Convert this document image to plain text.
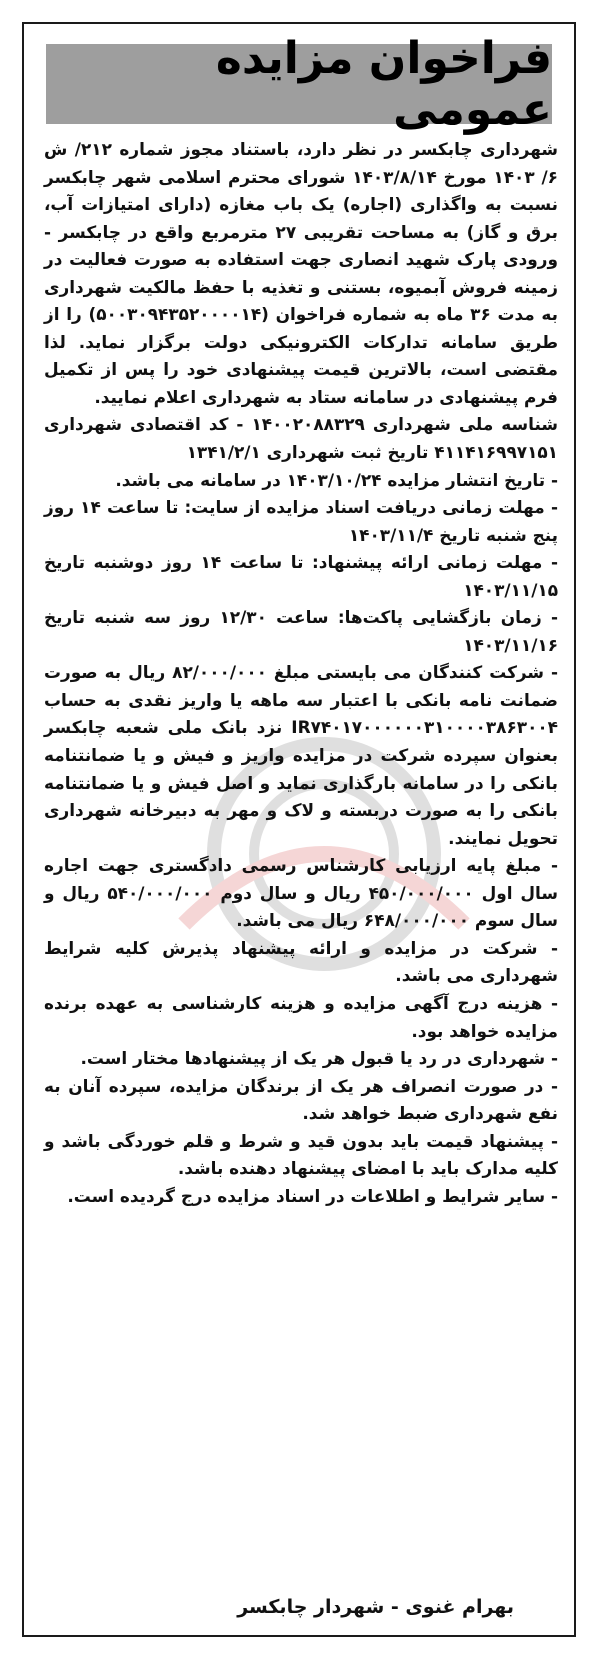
فراخوان مزایده عمومی

شهرداری چابکسر در نظر دارد، باستناد مجوز شماره ۲۱۲/ ش ۶/ ۱۴۰۳ مورخ ۱۴۰۳/۸/۱۴ شورای محترم اسلامی شهر چابکسر نسبت به واگذاری (اجاره) یک باب مغازه (دارای امتیازات آب، برق و گاز) به مساحت تقریبی ۲۷ مترمربع واقع در چابکسر - ورودی پارک شهید انصاری جهت استفاده به صورت فعالیت در زمینه فروش آبمیوه، بستنی و تغذیه با حفظ مالکیت شهرداری به مدت ۳۶ ماه به شماره فراخوان (۵۰۰۳۰۹۴۳۵۲۰۰۰۰۱۴) را از طریق سامانه تدارکات الکترونیکی دولت برگزار نماید. لذا مقتضی است، بالاترین قیمت پیشنهادی خود را پس از تکمیل فرم پیشنهادی در سامانه ستاد به شهرداری اعلام نمایید.

شناسه ملی شهرداری ۱۴۰۰۲۰۸۸۳۲۹ - کد اقتصادی شهرداری ۴۱۱۴۱۶۹۹۷۱۵۱ تاریخ ثبت شهرداری ۱۳۴۱/۲/۱

- تاریخ انتشار مزایده ۱۴۰۳/۱۰/۲۴ در سامانه می باشد.

- مهلت زمانی دریافت اسناد مزایده از سایت: تا ساعت ۱۴ روز پنج شنبه تاریخ ۱۴۰۳/۱۱/۴

- مهلت زمانی ارائه پیشنهاد: تا ساعت ۱۴ روز دوشنبه تاریخ ۱۴۰۳/۱۱/۱۵

- زمان بازگشایی پاکت‌ها: ساعت ۱۲/۳۰ روز سه شنبه تاریخ ۱۴۰۳/۱۱/۱۶

- شرکت کنندگان می بایستی مبلغ ۸۲/۰۰۰/۰۰۰ ریال به صورت ضمانت نامه بانکی با اعتبار سه ماهه یا واریز نقدی به حساب IR۷۴۰۱۷۰۰۰۰۰۰۳۱۰۰۰۰۳۸۶۳۰۰۴ نزد بانک ملی شعبه چابکسر بعنوان سپرده شرکت در مزایده واریز و فیش و یا ضمانتنامه بانکی را در سامانه بارگذاری نماید و اصل فیش و یا ضمانتنامه بانکی را به صورت دربسته و لاک و مهر به دبیرخانه شهرداری تحویل نمایند.

- مبلغ پایه ارزیابی کارشناس رسمی دادگستری جهت اجاره سال اول ۴۵۰/۰۰۰/۰۰۰ ریال و سال دوم ۵۴۰/۰۰۰/۰۰۰ ریال و سال سوم ۶۴۸/۰۰۰/۰۰۰ ریال می باشد.

- شرکت در مزایده و ارائه پیشنهاد پذیرش کلیه شرایط شهرداری می باشد.

- هزینه درج آگهی مزایده و هزینه کارشناسی به عهده برنده مزایده خواهد بود.

- شهرداری در رد یا قبول هر یک از پیشنهادها مختار است.

- در صورت انصراف هر یک از برندگان مزایده، سپرده آنان به نفع شهرداری ضبط خواهد شد.

- پیشنهاد قیمت باید بدون قید و شرط و قلم خوردگی باشد و کلیه مدارک باید با امضای پیشنهاد دهنده باشد.

- سایر شرایط و اطلاعات در اسناد مزایده درج گردیده است.

بهرام غنوی - شهردار چابکسر
